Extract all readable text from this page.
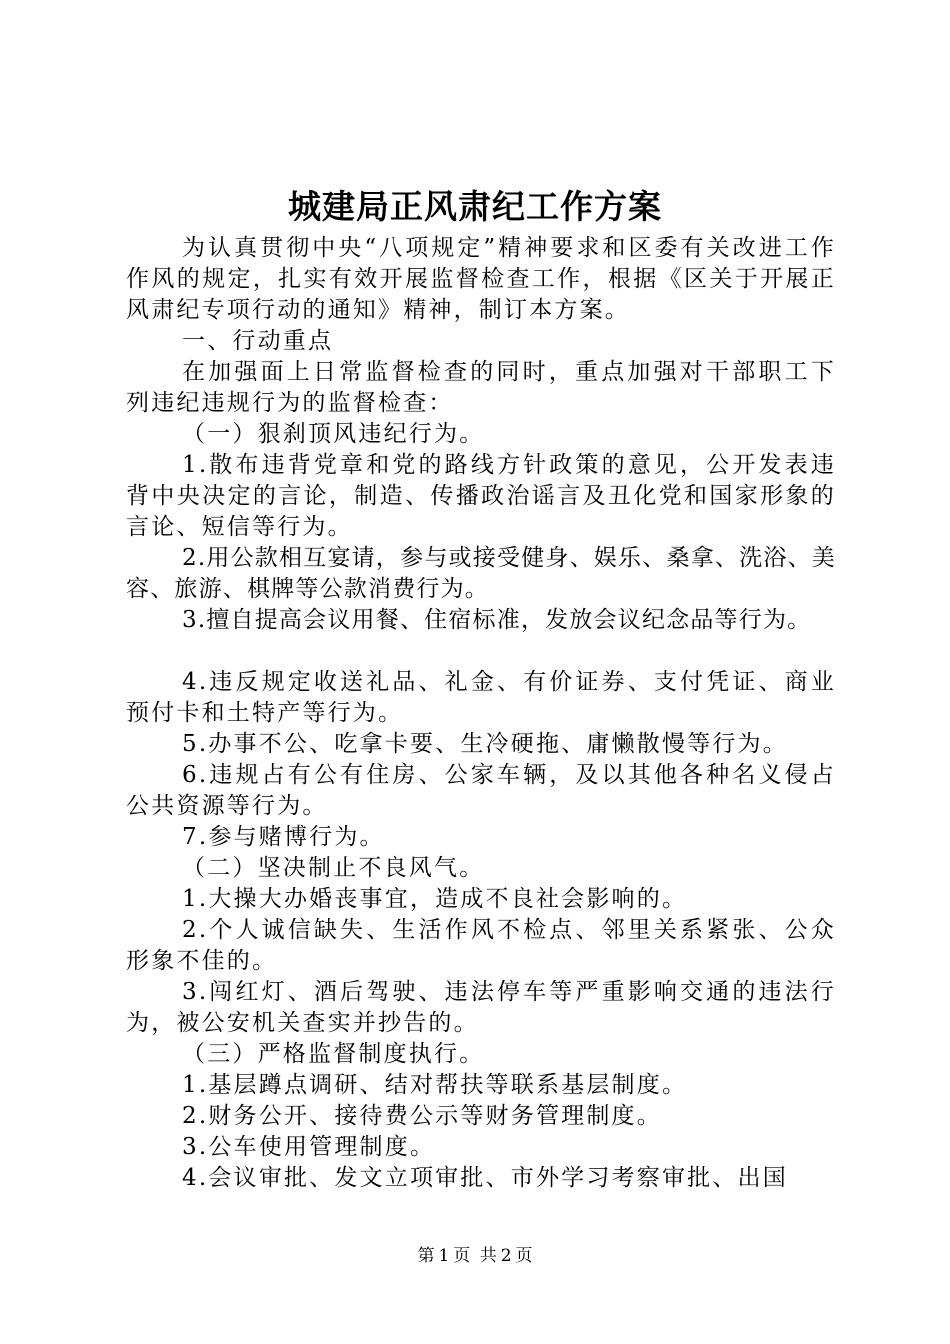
城建局正风肃纪工作方案

为认真贯彻中央“八项规定”精神要求和区委有关改进工作作风的规定，扎实有效开展监督检查工作，根据《区关于开展正风肃纪专项行动的通知》精神，制订本方案。

一、行动重点

在加强面上日常监督检查的同时，重点加强对干部职工下列违纪违规行为的监督检查：

（一）狠刹顶风违纪行为。

1.散布违背党章和党的路线方针政策的意见，公开发表违背中央决定的言论，制造、传播政治谣言及丑化党和国家形象的言论、短信等行为。

2.用公款相互宴请，参与或接受健身、娱乐、桑拿、洗浴、美容、旅游、棋牌等公款消费行为。

3.擅自提高会议用餐、住宿标准，发放会议纪念品等行为。

4.违反规定收送礼品、礼金、有价证券、支付凭证、商业预付卡和土特产等行为。

5.办事不公、吃拿卡要、生冷硬拖、庸懒散慢等行为。

6.违规占有公有住房、公家车辆，及以其他各种名义侵占公共资源等行为。

7.参与赌博行为。

（二）坚决制止不良风气。

1.大操大办婚丧事宜，造成不良社会影响的。

2.个人诚信缺失、生活作风不检点、邻里关系紧张、公众形象不佳的。

3.闯红灯、酒后驾驶、违法停车等严重影响交通的违法行为，被公安机关查实并抄告的。

（三）严格监督制度执行。

1.基层蹲点调研、结对帮扶等联系基层制度。

2.财务公开、接待费公示等财务管理制度。

3.公车使用管理制度。

4.会议审批、发文立项审批、市外学习考察审批、出国

第 1 页 共 2 页
